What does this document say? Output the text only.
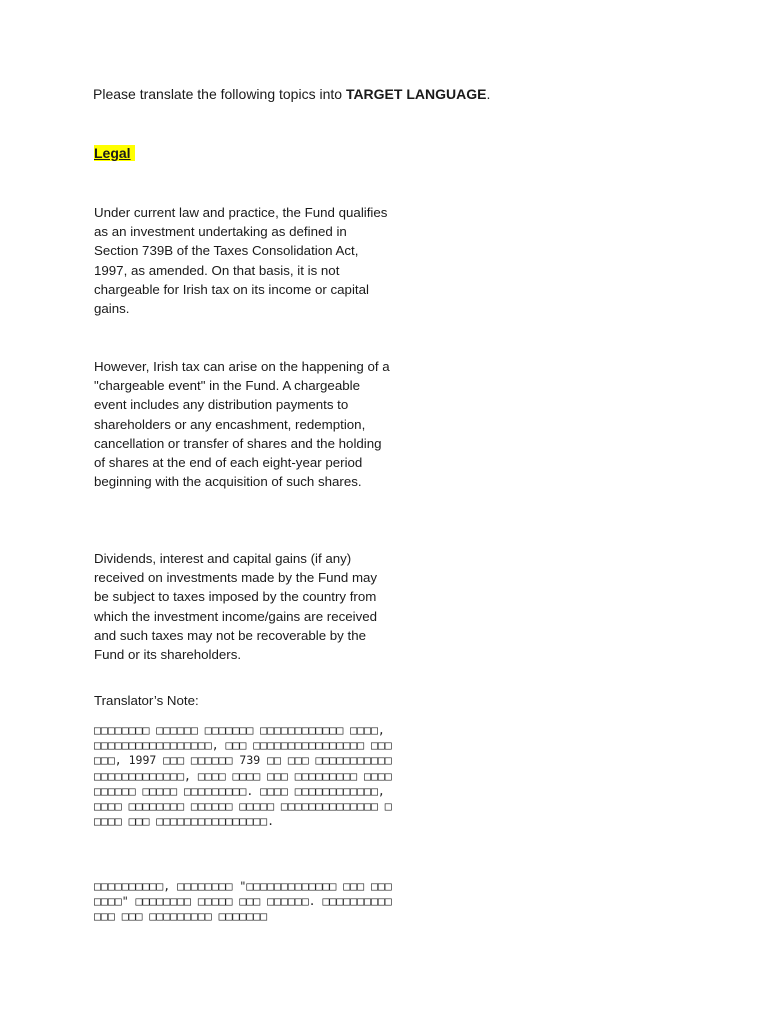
Please translate the following topics into TARGET LANGUAGE.
Legal
Under current law and practice, the Fund qualifies as an investment undertaking as defined in Section 739B of the Taxes Consolidation Act, 1997, as amended. On that basis, it is not chargeable for Irish tax on its income or capital gains.
However, Irish tax can arise on the happening of a "chargeable event" in the Fund. A chargeable event includes any distribution payments to shareholders or any encashment, redemption, cancellation or transfer of shares and the holding of shares at the end of each eight-year period beginning with the acquisition of such shares.
Dividends, interest and capital gains (if any) received on investments made by the Fund may be subject to taxes imposed by the country from which the investment income/gains are received and such taxes may not be recoverable by the Fund or its shareholders.
Translator’s Note:
□□□□□□□□ □□□□□□ □□□□□□□ □□□□□□□□□□□□ □□□□, □□□□□□□□□□□□□□□□□, □□□ □□□□□□□□□□□□□□□□ □□□□□□, 1997 □□□ □□□□□□ 739 □□ □□□ □□□□□□□□□□□□□□□□□□□□□□□□, □□□□ □□□□ □□□ □□□□□□□□□ □□□□□□□□□□ □□□□□ □□□□□□□□□. □□□□ □□□□□□□□□□□□, □□□□ □□□□□□□□ □□□□□□ □□□□□ □□□□□□□□□□□□□□ □□□□□ □□□ □□□□□□□□□□□□□□□□.
□□□□□□□□□□, □□□□□□□□ "□□□□□□□□□□□□□ □□□ □□□□□□□" □□□□□□□□ □□□□□ □□□ □□□□□□. □□□□□□□□□□□□□ □□□ □□□□□□□□□ □□□□□□□
